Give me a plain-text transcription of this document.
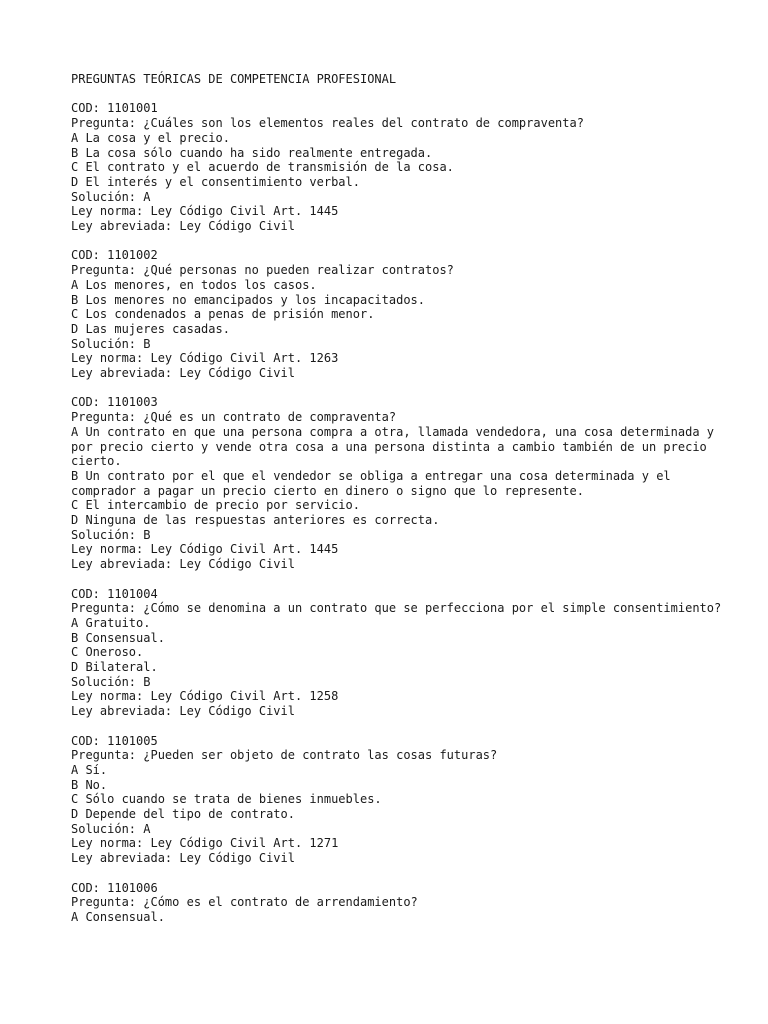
PREGUNTAS TEÓRICAS DE COMPETENCIA PROFESIONAL
COD: 1101001
Pregunta: ¿Cuáles son los elementos reales del contrato de compraventa?
A La cosa y el precio.
B La cosa sólo cuando ha sido realmente entregada.
C El contrato y el acuerdo de transmisión de la cosa.
D El interés y el consentimiento verbal.
Solución: A
Ley norma: Ley Código Civil Art. 1445
Ley abreviada: Ley Código Civil
COD: 1101002
Pregunta: ¿Qué personas no pueden realizar contratos?
A Los menores, en todos los casos.
B Los menores no emancipados y los incapacitados.
C Los condenados a penas de prisión menor.
D Las mujeres casadas.
Solución: B
Ley norma: Ley Código Civil Art. 1263
Ley abreviada: Ley Código Civil
COD: 1101003
Pregunta: ¿Qué es un contrato de compraventa?
A Un contrato en que una persona compra a otra, llamada vendedora, una cosa determinada y por precio cierto y vende otra cosa a una persona distinta a cambio también de un precio cierto.
B Un contrato por el que el vendedor se obliga a entregar una cosa determinada y el comprador a pagar un precio cierto en dinero o signo que lo represente.
C El intercambio de precio por servicio.
D Ninguna de las respuestas anteriores es correcta.
Solución: B
Ley norma: Ley Código Civil Art. 1445
Ley abreviada: Ley Código Civil
COD: 1101004
Pregunta: ¿Cómo se denomina a un contrato que se perfecciona por el simple consentimiento?
A Gratuito.
B Consensual.
C Oneroso.
D Bilateral.
Solución: B
Ley norma: Ley Código Civil Art. 1258
Ley abreviada: Ley Código Civil
COD: 1101005
Pregunta: ¿Pueden ser objeto de contrato las cosas futuras?
A Sí.
B No.
C Sólo cuando se trata de bienes inmuebles.
D Depende del tipo de contrato.
Solución: A
Ley norma: Ley Código Civil Art. 1271
Ley abreviada: Ley Código Civil
COD: 1101006
Pregunta: ¿Cómo es el contrato de arrendamiento?
A Consensual.
